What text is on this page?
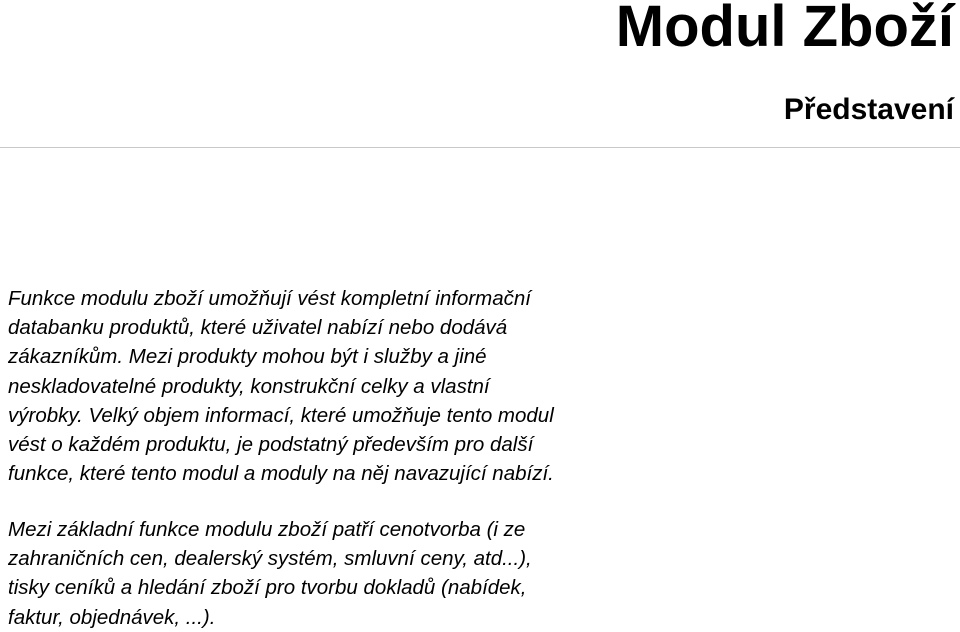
Modul Zboží
Představení

Funkce modulu zboží umožňují vést kompletní informační
databanku produktů, které uživatel nabízí nebo dodává
zákazníkům. Mezi produkty mohou být i služby a jiné
neskladovatelné produkty, konstrukční celky a vlastní
výrobky. Velký objem informací, které umožňuje tento modul
vést o každém produktu, je podstatný především pro další
funkce, které tento modul a moduly na něj navazující nabízí.

Mezi základní funkce modulu zboží patří cenotvorba (i ze
zahraničních cen, dealerský systém, smluvní ceny, atd...),
tisky ceníků a hledání zboží pro tvorbu dokladů (nabídek,
faktur, objednávek, ...).
